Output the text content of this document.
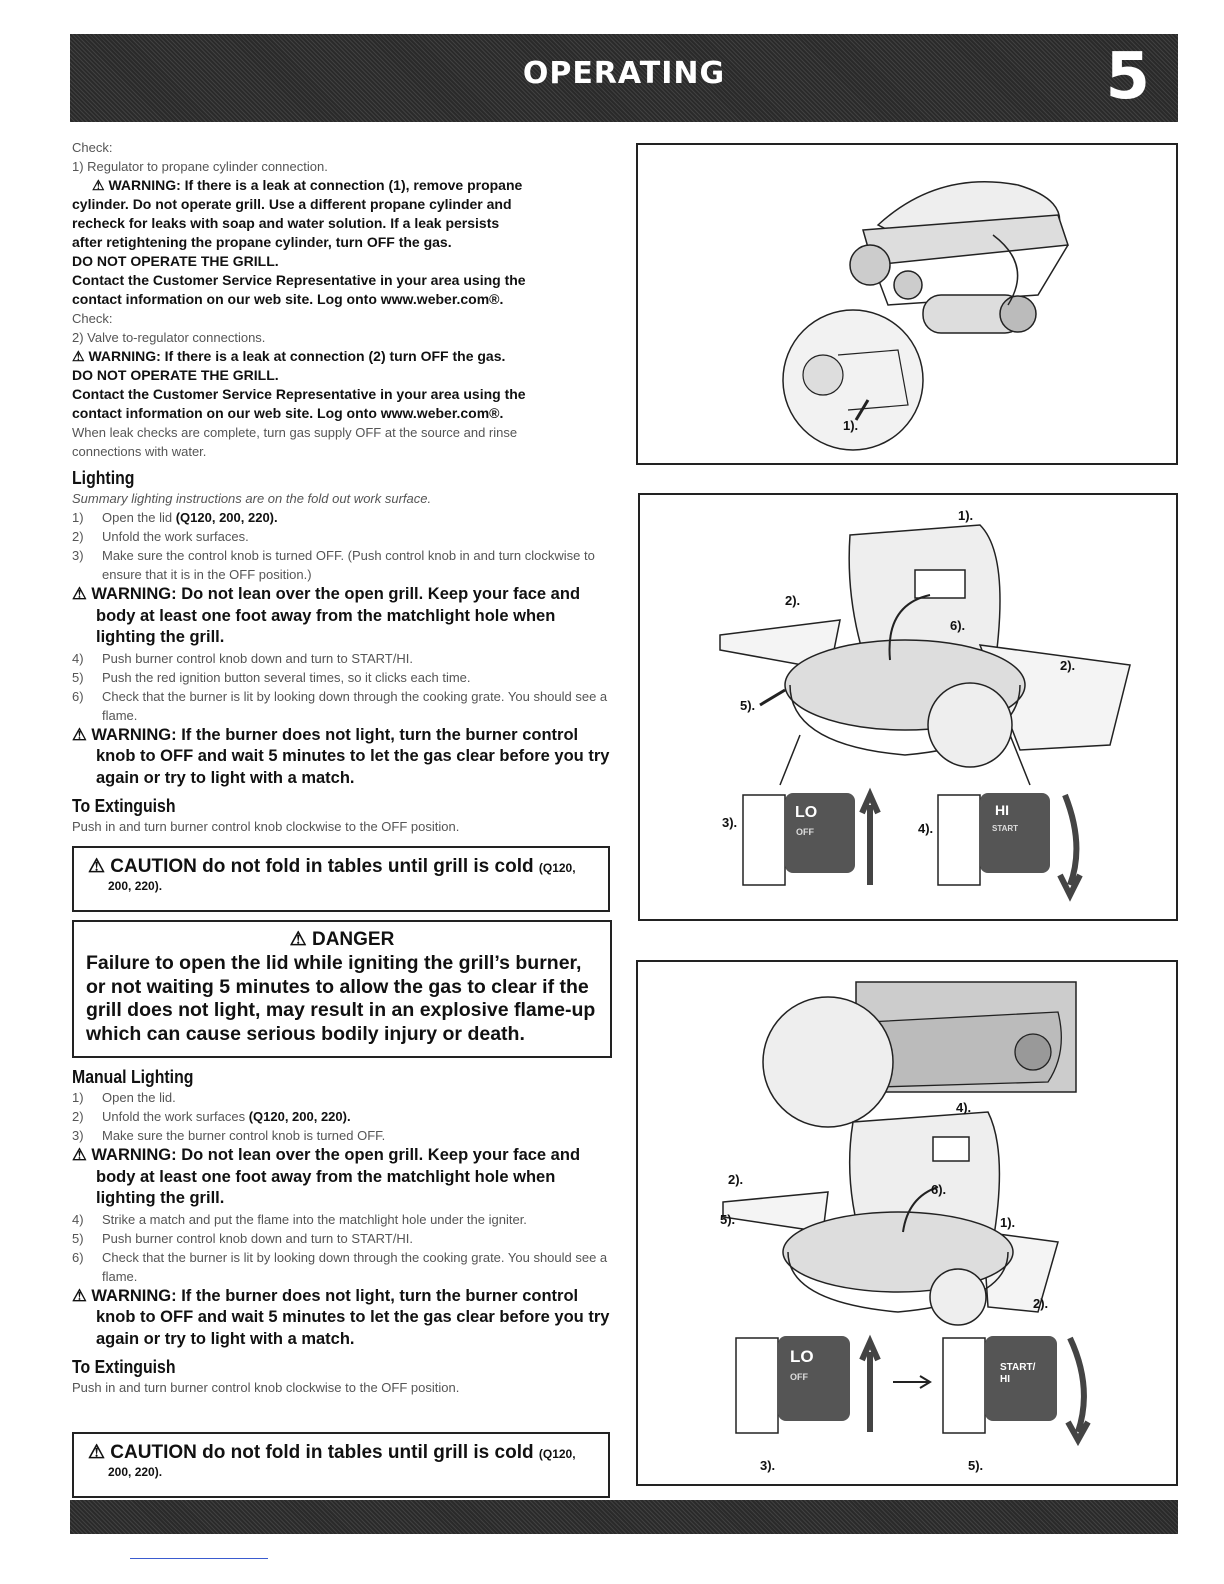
OPERATING	5

Check:

1) Regulator to propane cylinder connection.

⚠ WARNING: If there is a leak at connection (1), remove propane
cylinder. Do not operate grill. Use a different propane cylinder and
recheck for leaks with soap and water solution. If a leak persists
after retightening the propane cylinder, turn OFF the gas.
DO NOT OPERATE THE GRILL.
Contact the Customer Service Representative in your area using the
contact information on our web site. Log onto www.weber.com®.

Check:

2) Valve to-regulator connections.

⚠ WARNING: If there is a leak at connection (2) turn OFF the gas.
DO NOT OPERATE THE GRILL.
Contact the Customer Service Representative in your area using the
contact information on our web site. Log onto www.weber.com®.

When leak checks are complete, turn gas supply OFF at the source and rinse
connections with water.

Lighting

Summary lighting instructions are on the fold out work surface.

1) Open the lid (Q120, 200, 220).

2) Unfold the work surfaces.

3) Make sure the control knob is turned OFF. (Push control knob in and turn clockwise to ensure that it is in the OFF position.)

⚠ WARNING: Do not lean over the open grill. Keep your face and body at least one foot away from the matchlight hole when lighting the grill.

4) Push burner control knob down and turn to START/HI.

5) Push the red ignition button several times, so it clicks each time.

6) Check that the burner is lit by looking down through the cooking grate. You should see a flame.

⚠ WARNING: If the burner does not light, turn the burner control knob to OFF and wait 5 minutes to let the gas clear before you try again or try to light with a match.

To Extinguish

Push in and turn burner control knob clockwise to the OFF position.

⚠ CAUTION do not fold in tables until grill is cold (Q120,
200, 220).
⚠ DANGER
Failure to open the lid while igniting the grill’s burner, or not waiting 5 minutes to allow the gas to clear if the grill does not light, may result in an explosive flame-up which can cause serious bodily injury or death.
Manual Lighting

1) Open the lid.

2) Unfold the work surfaces (Q120, 200, 220).

3) Make sure the burner control knob is turned OFF.

⚠ WARNING: Do not lean over the open grill. Keep your face and body at least one foot away from the matchlight hole when lighting the grill.

4) Strike a match and put the flame into the matchlight hole under the igniter.

5) Push burner control knob down and turn to START/HI.

6) Check that the burner is lit by looking down through the cooking grate. You should see a flame.

⚠ WARNING: If the burner does not light, turn the burner control knob to OFF and wait 5 minutes to let the gas clear before you try again or try to light with a match.

To Extinguish

Push in and turn burner control knob clockwise to the OFF position.

⚠ CAUTION do not fold in tables until grill is cold (Q120,
200, 220).
1).
1).
2).
2).
5).
6).
LO
OFF
3).
HI
START
4).
4).
2).
6).
5).	1).
2).
LO
OFF
START/
HI
3).	5).
